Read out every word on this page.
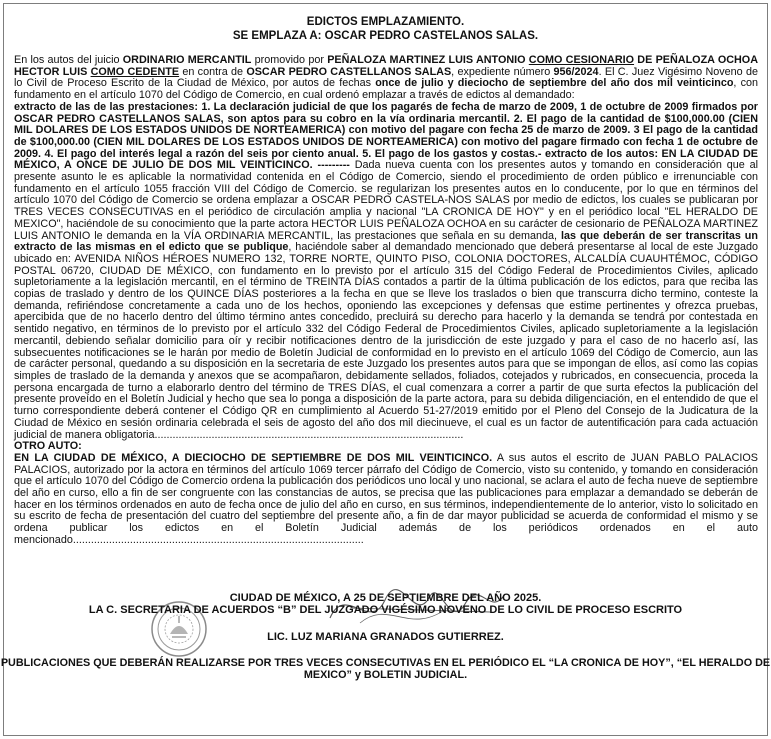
EDICTOS EMPLAZAMIENTO.
SE EMPLAZA A: OSCAR PEDRO CASTELANOS SALAS.

En los autos del juicio ORDINARIO MERCANTIL promovido por PEÑALOZA MARTINEZ LUIS ANTONIO COMO CESIONARIO DE PEÑALOZA OCHOA HECTOR LUIS COMO CEDENTE en contra de OSCAR PEDRO CASTELLANOS SALAS, expediente número 956/2024. El C. Juez Vigésimo Noveno de lo Civil de Proceso Escrito de la Ciudad de México, por autos de fechas once de julio y dieciocho de septiembre del año dos mil veinticinco, con fundamento en el artículo 1070 del Código de Comercio, en cual ordenó emplazar a través de edictos al demandado:

extracto de las de las prestaciones: 1. La declaración judicial de que los pagarés de fecha de marzo de 2009, 1 de octubre de 2009 firmados por OSCAR PEDRO CASTELLANOS SALAS, son aptos para su cobro en la vía ordinaria mercantil. 2. El pago de la cantidad de $100,000.00 (CIEN MIL DOLARES DE LOS ESTADOS UNIDOS DE NORTEAMERICA) con motivo del pagare con fecha 25 de marzo de 2009. 3 El pago de la cantidad de $100,000.00 (CIEN MIL DOLARES DE LOS ESTADOS UNIDOS DE NORTEAMERICA) con motivo del pagare firmado con fecha 1 de octubre de 2009. 4. El pago del interés legal a razón del seis por ciento anual. 5. El pago de los gastos y costas.- extracto de los autos: EN LA CIUDAD DE MÉXICO, A ONCE DE JULIO DE DOS MIL VEINTICINCO. --------- Dada nueva cuenta con los presentes autos y tomando en consideración que al presente asunto le es aplicable la normatividad contenida en el Código de Comercio, siendo el procedimiento de orden público e irrenunciable con fundamento en el artículo 1055 fracción VIII del Código de Comercio. se regularizan los presentes autos en lo conducente, por lo que en términos del artículo 1070 del Código de Comercio se ordena emplazar a OSCAR PEDRO CASTELA-NOS SALAS por medio de edictos, los cuales se publicaran por TRES VECES CONSECUTIVAS en el periódico de circulación amplia y nacional "LA CRONICA DE HOY" y en el periódico local "EL HERALDO DE MEXICO", haciéndole de su conocimiento que la parte actora HECTOR LUIS PEÑALOZA OCHOA en su carácter de cesionario de PEÑALOZA MARTINEZ LUIS ANTONIO le demanda en la VÍA ORDINARIA MERCANTIL, las prestaciones que señala en su demanda, las que deberán de ser transcritas un extracto de las mismas en el edicto que se publique, haciéndole saber al demandado mencionado que deberá presentarse al local de este Juzgado ubicado en: AVENIDA NIÑOS HÉROES NUMERO 132, TORRE NORTE, QUINTO PISO, COLONIA DOCTORES, ALCALDÍA CUAUHTÉMOC, CÓDIGO POSTAL 06720, CIUDAD DE MÉXICO, con fundamento en lo previsto por el artículo 315 del Código Federal de Procedimientos Civiles, aplicado supletoriamente a la legislación mercantil, en el término de TREINTA DÍAS contados a partir de la última publicación de los edictos, para que reciba las copias de traslado y dentro de los QUINCE DÍAS posteriores a la fecha en que se lleve los traslados o bien que transcurra dicho termino, conteste la demanda, refiriéndose concretamente a cada uno de los hechos, oponiendo las excepciones y defensas que estime pertinentes y ofrezca pruebas, apercibida que de no hacerlo dentro del último término antes concedido, precluirá su derecho para hacerlo y la demanda se tendrá por contestada en sentido negativo, en términos de lo previsto por el artículo 332 del Código Federal de Procedimientos Civiles, aplicado supletoriamente a la legislación mercantil, debiendo señalar domicilio para oír y recibir notificaciones dentro de la jurisdicción de este juzgado y para el caso de no hacerlo así, las subsecuentes notificaciones se le harán por medio de Boletín Judicial de conformidad en lo previsto en el artículo 1069 del Código de Comercio, aun las de carácter personal, quedando a su disposición en la secretaria de este Juzgado los presentes autos para que se impongan de ellos, así como las copias simples de traslado de la demanda y anexos que se acompañaron, debidamente sellados, foliados, cotejados y rubricados, en consecuencia, proceda la persona encargada de turno a elaborarlo dentro del término de TRES DÍAS, el cual comenzara a correr a partir de que surta efectos la publicación del presente proveído en el Boletín Judicial y hecho que sea lo ponga a disposición de la parte actora, para su debida diligenciación, en el entendido de que el turno correspondiente deberá contener el Código QR en cumplimiento al Acuerdo 51-27/2019 emitido por el Pleno del Consejo de la Judicatura de la Ciudad de México en sesión ordinaria celebrada el seis de agosto del año dos mil diecinueve, el cual es un factor de autentificación para cada actuación judicial de manera obligatoria.......................................................................................................

OTRO AUTO:

EN LA CIUDAD DE MÉXICO, A DIECIOCHO DE SEPTIEMBRE DE DOS MIL VEINTICINCO. A sus autos el escrito de JUAN PABLO PALACIOS PALACIOS, autorizado por la actora en términos del artículo 1069 tercer párrafo del Código de Comercio, visto su contenido, y tomando en consideración que el artículo 1070 del Código de Comercio ordena la publicación dos periódicos uno local y uno nacional, se aclara el auto de fecha nueve de septiembre del año en curso, ello a fin de ser congruente con las constancias de autos, se precisa que las publicaciones para emplazar a demandado se deberán de hacer en los términos ordenados en auto de fecha once de julio del año en curso, en sus términos, independientemente de lo anterior, visto lo solicitado en su escrito de fecha de presentación del cuatro del septiembre del presente año, a fin de dar mayor publicidad se acuerda de conformidad el mismo y se ordena publicar los edictos en el Boletín Judicial además de los periódicos ordenados en el auto mencionado.................................................................................................

CIUDAD DE MÉXICO, A 25 DE SEPTIEMBRE DEL AÑO 2025.
LA C. SECRETARIA DE ACUERDOS “B” DEL JUZGADO VIGÉSIMO NOVENO DE LO CIVIL DE PROCESO ESCRITO
LIC. LUZ MARIANA GRANADOS GUTIERREZ.
PUBLICACIONES QUE DEBERÁN REALIZARSE POR TRES VECES CONSECUTIVAS EN EL PERIÓDICO EL “LA CRONICA DE HOY”, “EL HERALDO DE
MEXICO” y BOLETIN JUDICIAL.
